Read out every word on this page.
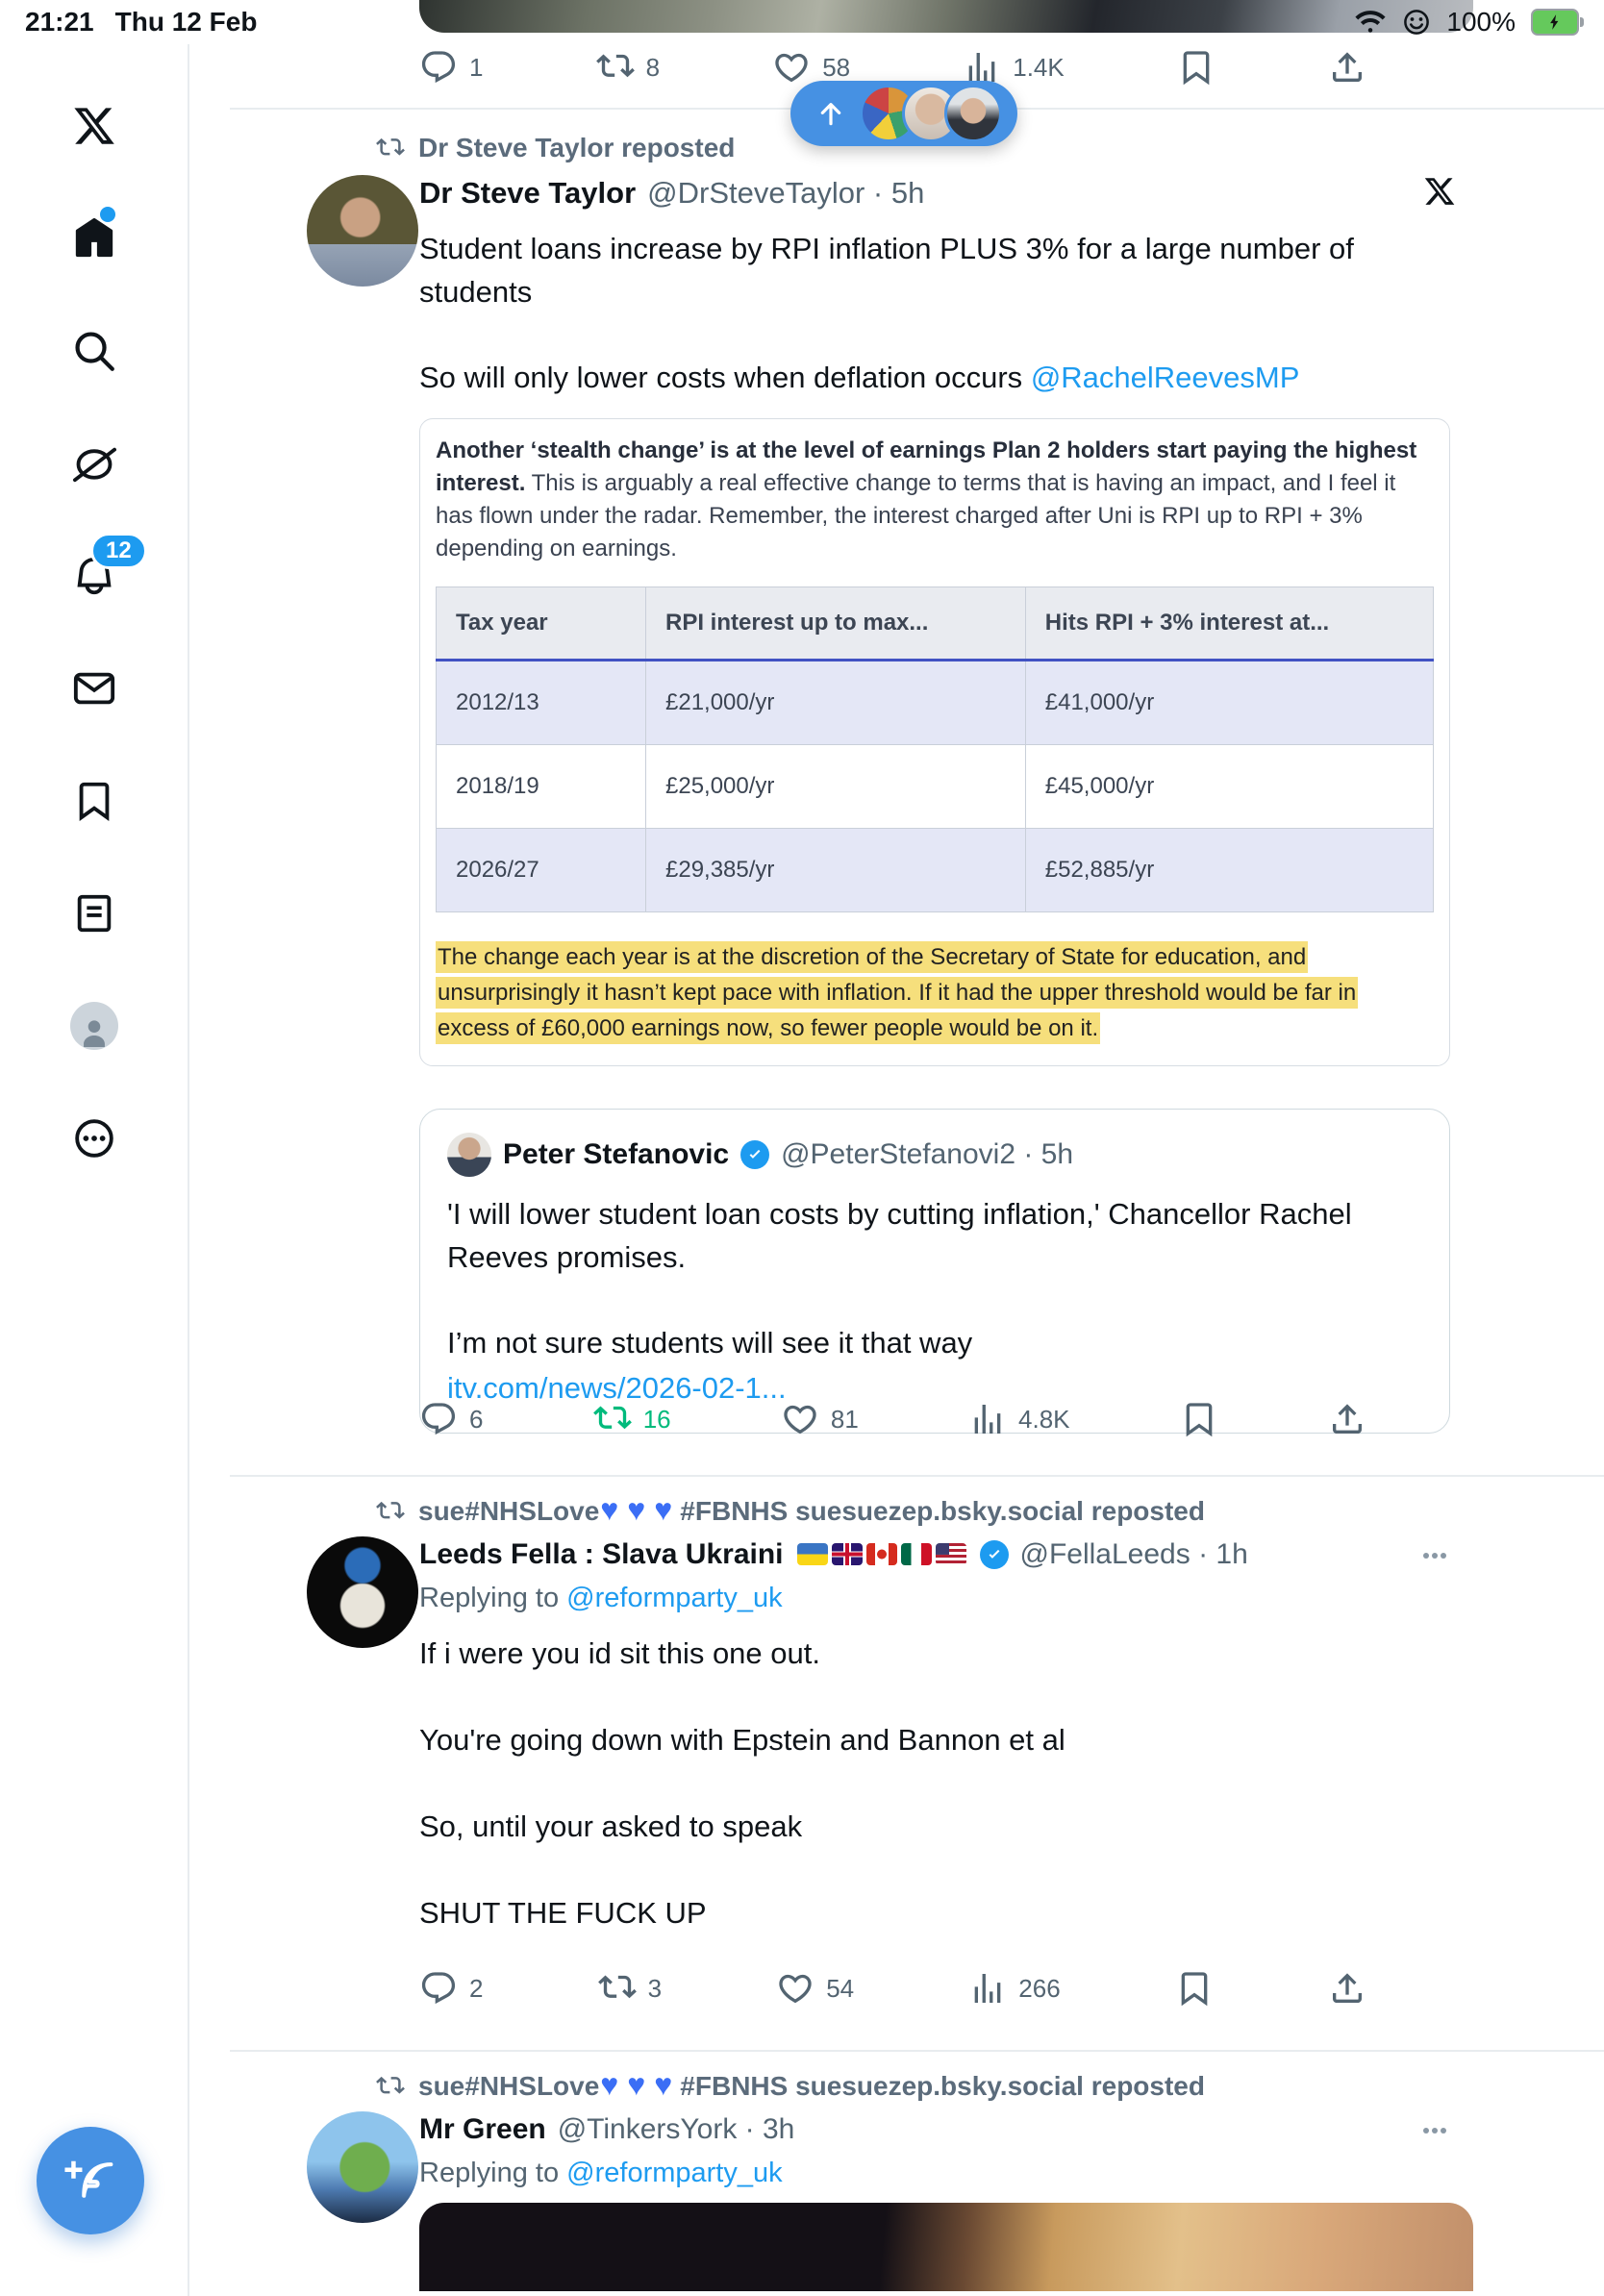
21:21 Thu 12 Feb	100%
12
1	8	58	1.4K
Dr Steve Taylor reposted
Dr Steve Taylor @DrSteveTaylor · 5h
Student loans increase by RPI inflation PLUS 3% for a large number of students
So will only lower costs when deflation occurs @RachelReevesMP
Another ‘stealth change’ is at the level of earnings Plan 2 holders start paying the highest interest. This is arguably a real effective change to terms that is having an impact, and I feel it has flown under the radar. Remember, the interest charged after Uni is RPI up to RPI + 3% depending on earnings.
Tax year	RPI interest up to max...	Hits RPI + 3% interest at...
2012/13	£21,000/yr	£41,000/yr
2018/19	£25,000/yr	£45,000/yr
2026/27	£29,385/yr	£52,885/yr
The change each year is at the discretion of the Secretary of State for education, and unsurprisingly it hasn’t kept pace with inflation. If it had the upper threshold would be far in excess of £60,000 earnings now, so fewer people would be on it.
Peter Stefanovic @PeterStefanovi2 · 5h

'I will lower student loan costs by cutting inflation,' Chancellor Rachel Reeves promises.

I’m not sure students will see it that way

itv.com/news/2026-02-1...

6	16	81	4.8K
sue#NHSLove ♥ ♥ ♥	#FBNHS suesuezep.bsky.social reposted
Leeds Fella : Slava Ukraini	@FellaLeeds · 1h
Replying to @reformparty_uk

If i were you id sit this one out.

You're going down with Epstein and Bannon et al

So, until your asked to speak

SHUT THE FUCK UP

2	3	54	266
sue#NHSLove ♥ ♥ ♥	#FBNHS suesuezep.bsky.social reposted
Mr Green @TinkersYork · 3h
Replying to @reformparty_uk
